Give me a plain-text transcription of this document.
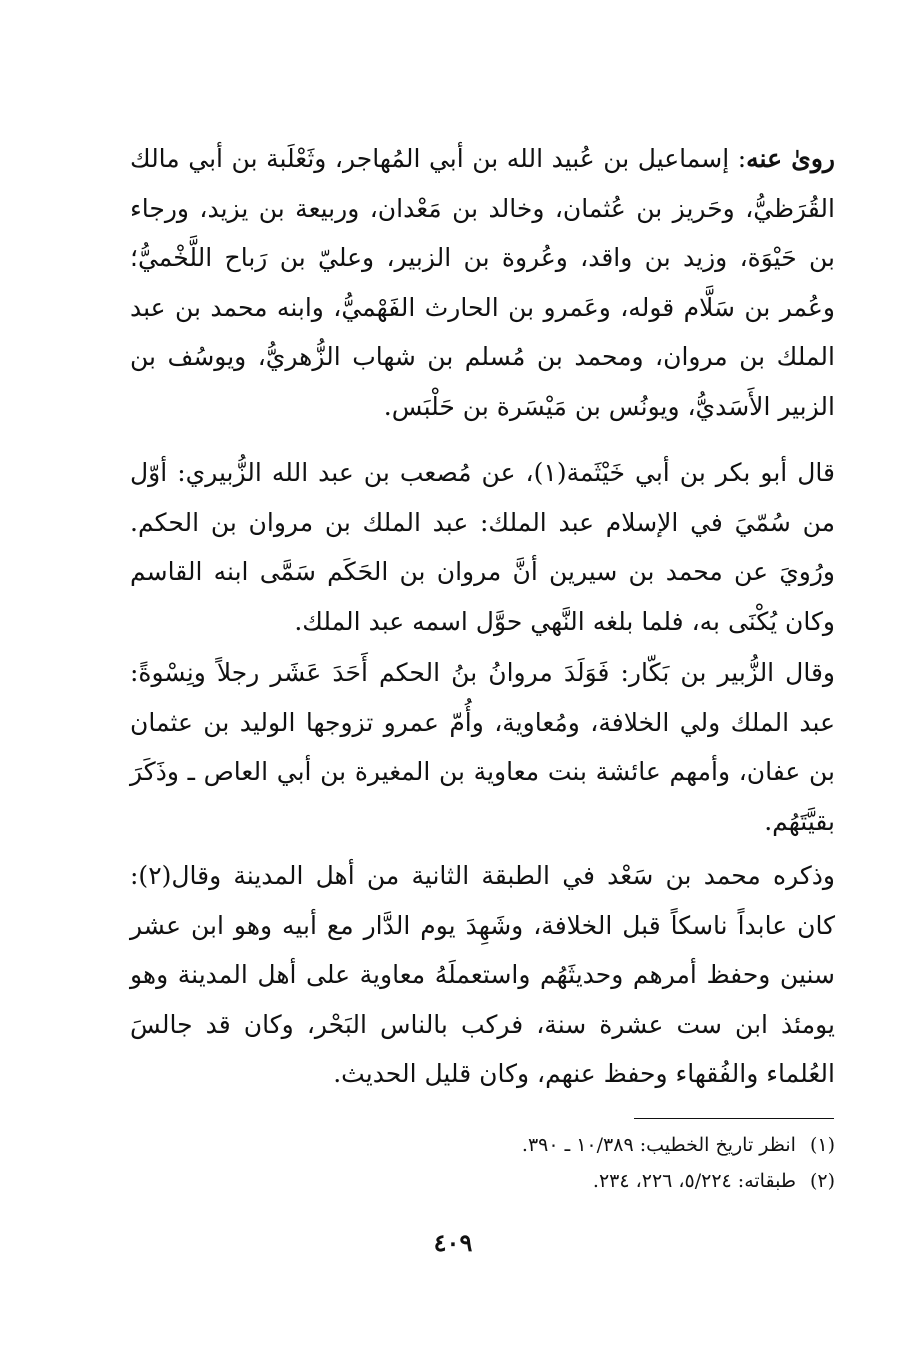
روىٰ عنه: إسماعيل بن عُبيد الله بن أبي المُهاجر، وثَعْلَبة بن أبي مالك القُرَظيُّ، وحَريز بن عُثمان، وخالد بن مَعْدان، وربيعة بن يزيد، ورجاء بن حَيْوَة، وزيد بن واقد، وعُروة بن الزبير، وعليّ بن رَباح اللَّخْميُّ؛ وعُمر بن سَلَّام قوله، وعَمرو بن الحارث الفَهْميُّ، وابنه محمد بن عبد الملك بن مروان، ومحمد بن مُسلم بن شهاب الزُّهريُّ، ويوسُف بن الزبير الأَسَديُّ، ويونُس بن مَيْسَرة بن حَلْبَس.

قال أبو بكر بن أبي خَيْثَمة(١)، عن مُصعب بن عبد الله الزُّبيري: أوّل من سُمّيَ في الإسلام عبد الملك: عبد الملك بن مروان بن الحكم. ورُويَ عن محمد بن سيرين أنَّ مروان بن الحَكَم سَمَّى ابنه القاسم وكان يُكْنَى به، فلما بلغه النَّهي حوَّل اسمه عبد الملك.

وقال الزُّبير بن بَكّار: فَوَلَدَ مروانُ بنُ الحكم أَحَدَ عَشَر رجلاً ونِسْوةً: عبد الملك ولي الخلافة، ومُعاوية، وأُمّ عمرو تزوجها الوليد بن عثمان بن عفان، وأمهم عائشة بنت معاوية بن المغيرة بن أبي العاص ـ وذَكَرَ بقيَّتَهُم.

وذكره محمد بن سَعْد في الطبقة الثانية من أهل المدينة وقال(٢): كان عابداً ناسكاً قبل الخلافة، وشَهِدَ يوم الدَّار مع أبيه وهو ابن عشر سنين وحفظ أمرهم وحديثَهُم واستعملَهُ معاوية على أهل المدينة وهو يومئذ ابن ست عشرة سنة، فركب بالناس البَحْر، وكان قد جالسَ العُلماء والفُقهاء وحفظ عنهم، وكان قليل الحديث.

(١)انظر تاريخ الخطيب: ١٠/٣٨٩ ـ ٣٩٠.

(٢)طبقاته: ٥/٢٢٤، ٢٢٦، ٢٣٤.

٤٠٩
